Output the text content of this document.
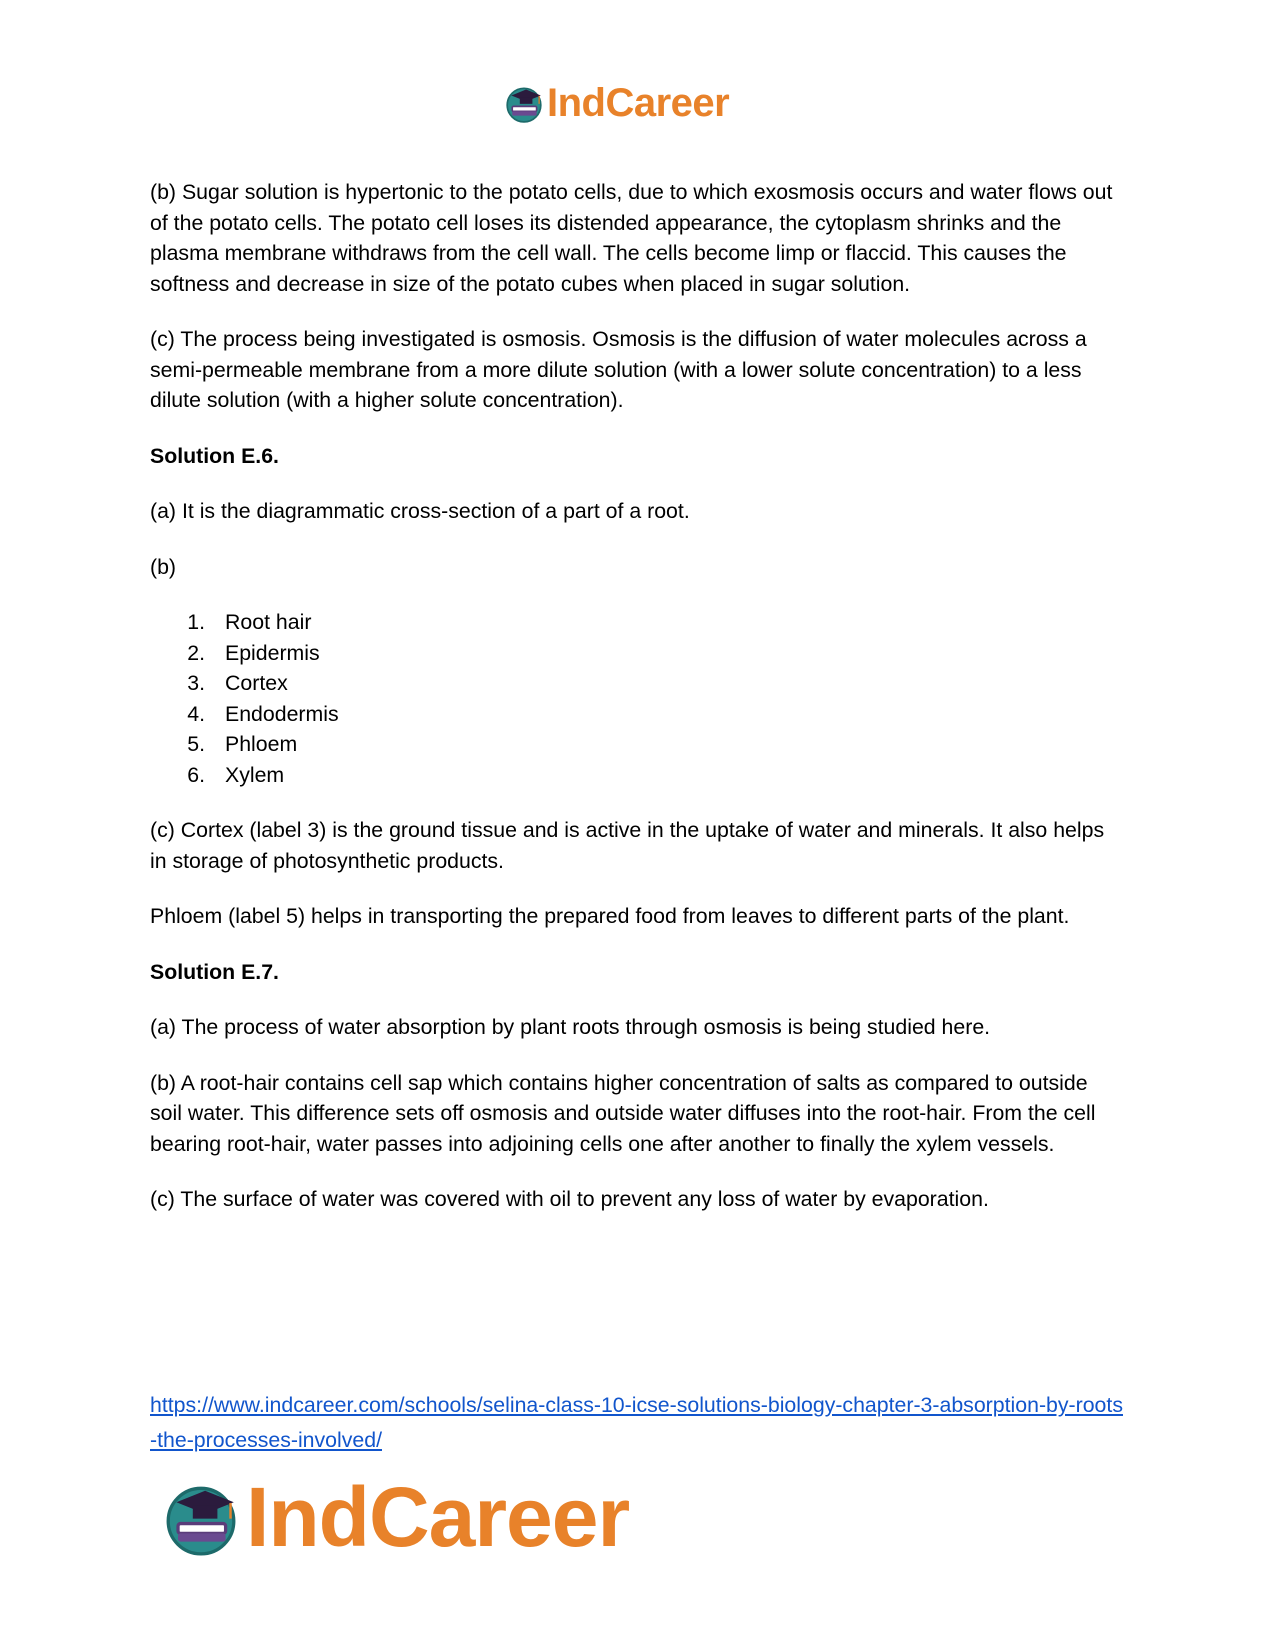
IndCareer

(b) Sugar solution is hypertonic to the potato cells, due to which exosmosis occurs and water flows out of the potato cells. The potato cell loses its distended appearance, the cytoplasm shrinks and the plasma membrane withdraws from the cell wall. The cells become limp or flaccid. This causes the softness and decrease in size of the potato cubes when placed in sugar solution.

(c) The process being investigated is osmosis. Osmosis is the diffusion of water molecules across a semi-permeable membrane from a more dilute solution (with a lower solute concentration) to a less dilute solution (with a higher solute concentration).

Solution E.6.

(a) It is the diagrammatic cross-section of a part of a root.

(b)

1. Root hair
2. Epidermis
3. Cortex
4. Endodermis
5. Phloem
6. Xylem

(c) Cortex (label 3) is the ground tissue and is active in the uptake of water and minerals. It also helps in storage of photosynthetic products.

Phloem (label 5) helps in transporting the prepared food from leaves to different parts of the plant.

Solution E.7.

(a) The process of water absorption by plant roots through osmosis is being studied here.

(b) A root-hair contains cell sap which contains higher concentration of salts as compared to outside soil water. This difference sets off osmosis and outside water diffuses into the root-hair. From the cell bearing root-hair, water passes into adjoining cells one after another to finally the xylem vessels.

(c) The surface of water was covered with oil to prevent any loss of water by evaporation.

https://www.indcareer.com/schools/selina-class-10-icse-solutions-biology-chapter-3-absorption-by-roots-the-processes-involved/
IndCareer
